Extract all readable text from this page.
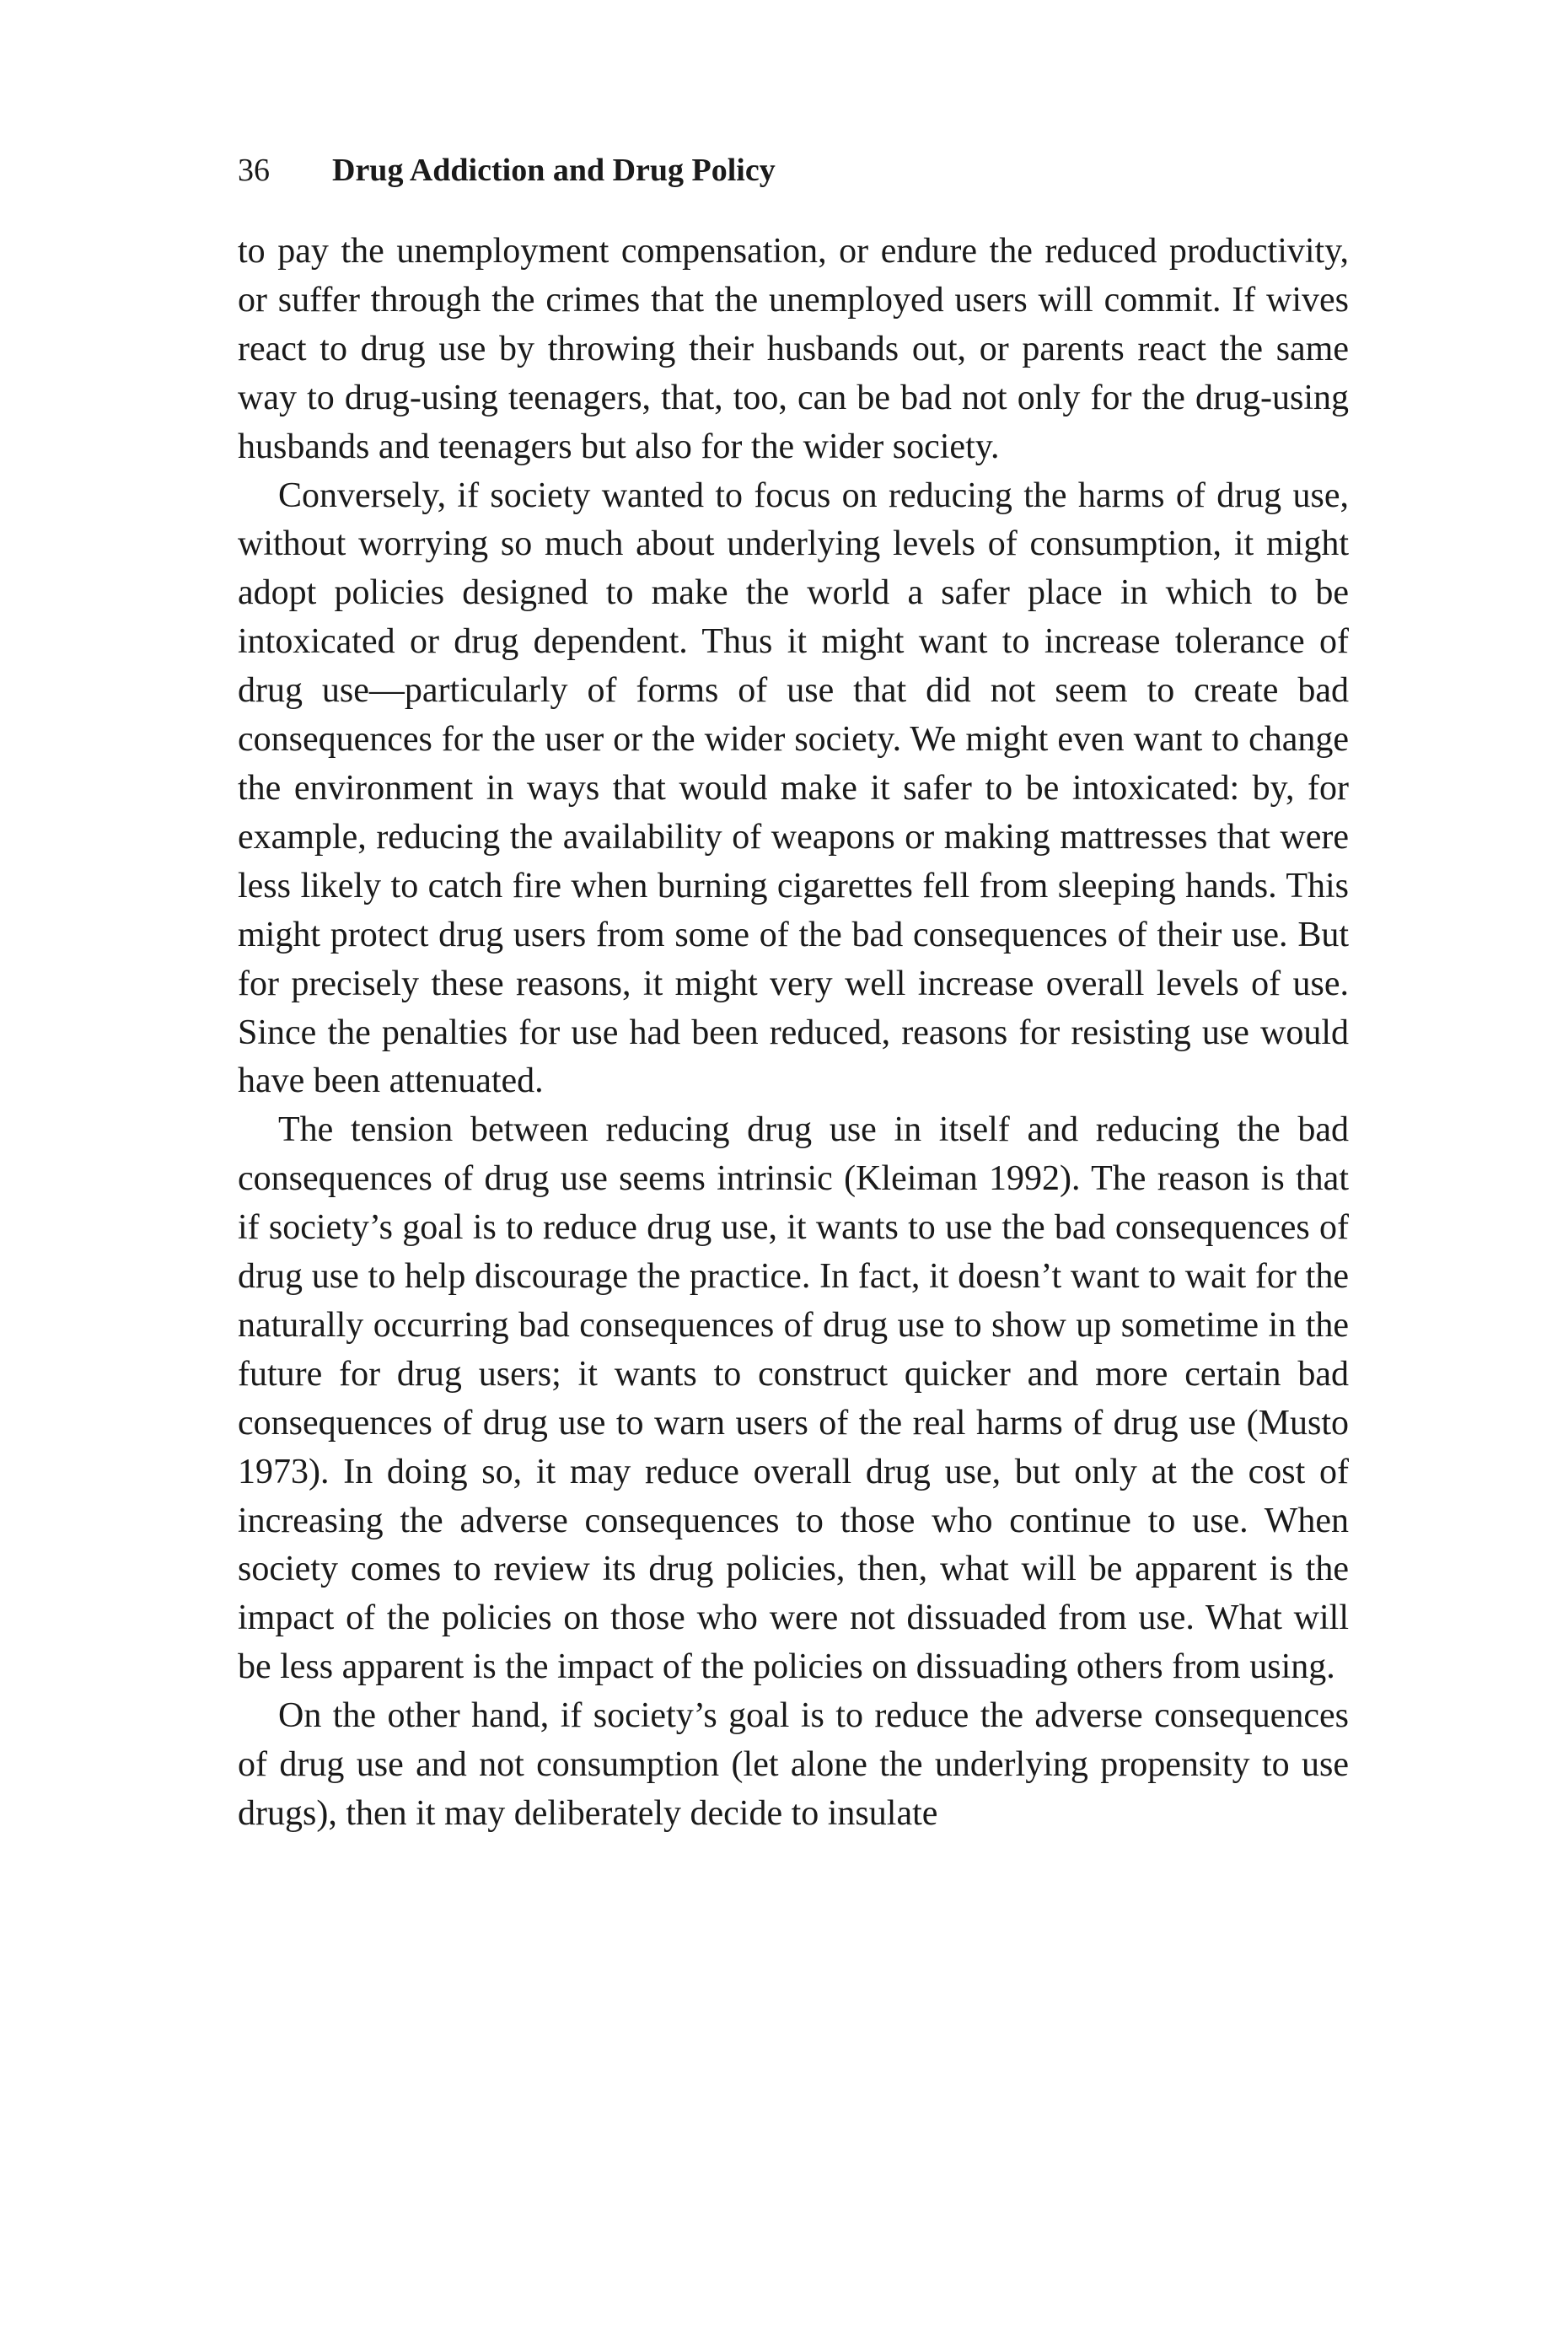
36 Drug Addiction and Drug Policy

to pay the unemployment compensation, or endure the reduced productivity, or suffer through the crimes that the unemployed users will commit. If wives react to drug use by throwing their husbands out, or parents react the same way to drug-using teenagers, that, too, can be bad not only for the drug-using husbands and teenagers but also for the wider society.

Conversely, if society wanted to focus on reducing the harms of drug use, without worrying so much about underlying levels of consumption, it might adopt policies designed to make the world a safer place in which to be intoxicated or drug dependent. Thus it might want to increase tolerance of drug use—particularly of forms of use that did not seem to create bad consequences for the user or the wider society. We might even want to change the environment in ways that would make it safer to be intoxicated: by, for example, reducing the availability of weapons or making mattresses that were less likely to catch fire when burning cigarettes fell from sleeping hands. This might protect drug users from some of the bad consequences of their use. But for precisely these reasons, it might very well increase overall levels of use. Since the penalties for use had been reduced, reasons for resisting use would have been attenuated.

The tension between reducing drug use in itself and reducing the bad consequences of drug use seems intrinsic (Kleiman 1992). The reason is that if society’s goal is to reduce drug use, it wants to use the bad consequences of drug use to help discourage the practice. In fact, it doesn’t want to wait for the naturally occurring bad consequences of drug use to show up sometime in the future for drug users; it wants to construct quicker and more certain bad consequences of drug use to warn users of the real harms of drug use (Musto 1973). In doing so, it may reduce overall drug use, but only at the cost of increasing the adverse consequences to those who continue to use. When society comes to review its drug policies, then, what will be apparent is the impact of the policies on those who were not dissuaded from use. What will be less apparent is the impact of the policies on dissuading others from using.

On the other hand, if society’s goal is to reduce the adverse consequences of drug use and not consumption (let alone the underlying propensity to use drugs), then it may deliberately decide to insulate
